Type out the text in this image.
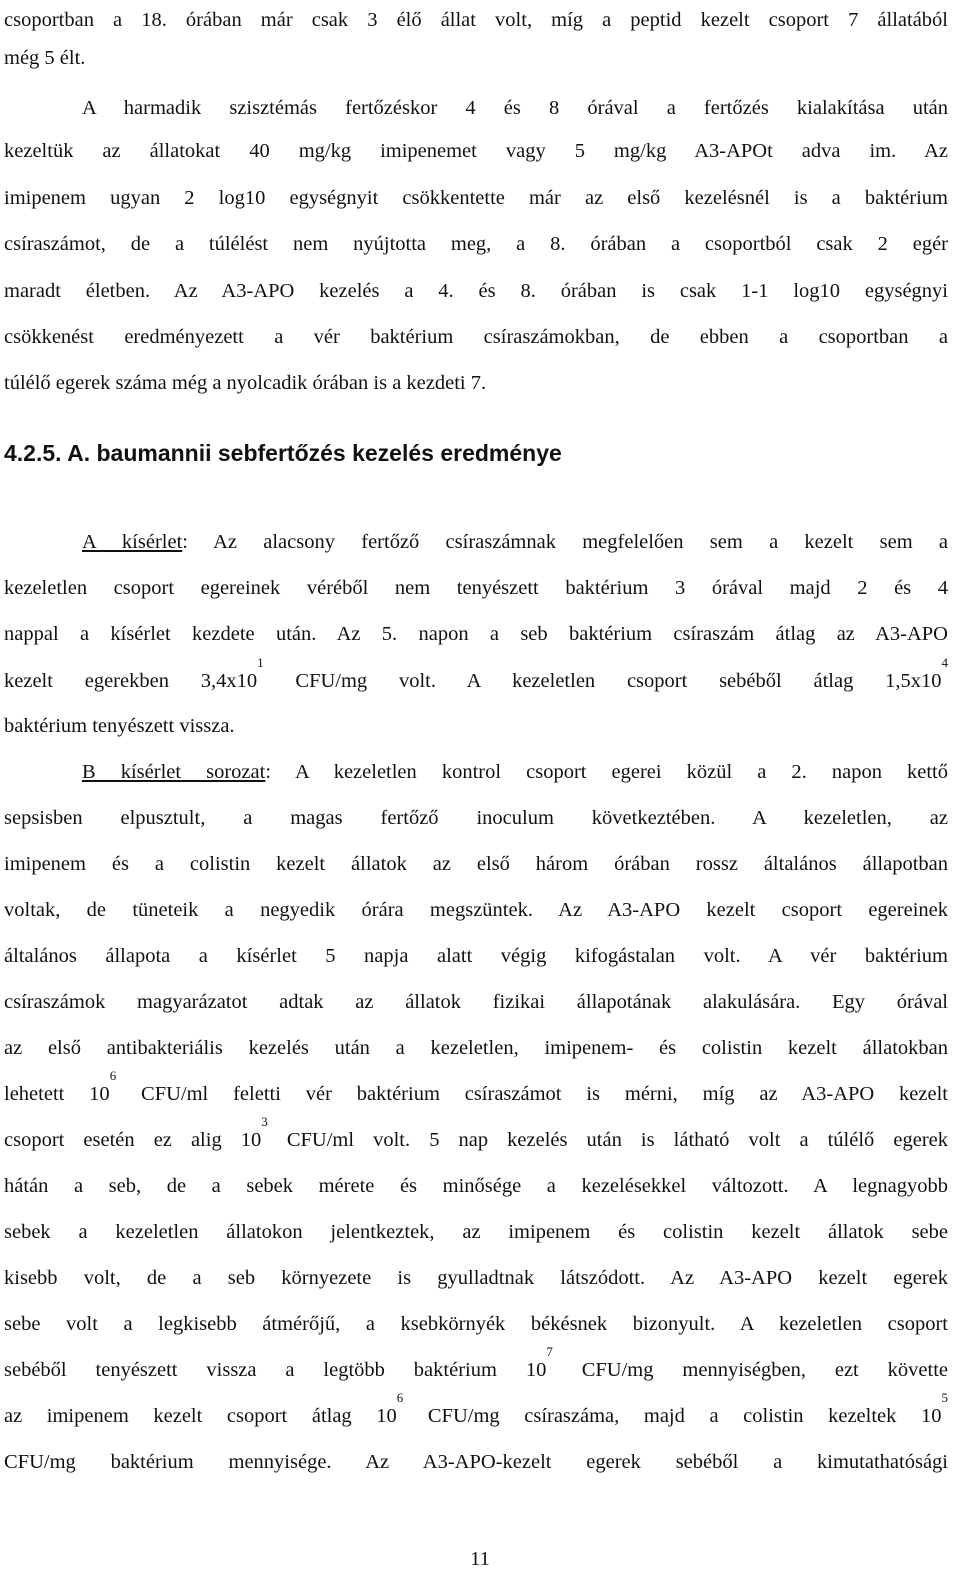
csoportban a 18. órában már csak 3 élő állat volt, míg a peptid kezelt csoport 7 állatából
még 5 élt.
A harmadik szisztémás fertőzéskor 4 és 8 órával a fertőzés kialakítása után
kezeltük az állatokat 40 mg/kg imipenemet vagy 5 mg/kg A3-APOt adva im. Az
imipenem ugyan 2 log10 egységnyit csökkentette már az első kezelésnél is a baktérium
csíraszámot, de a túlélést nem nyújtotta meg, a 8. órában a csoportból csak 2 egér
maradt életben. Az A3-APO kezelés a 4. és 8. órában is csak 1-1 log10 egységnyi
csökkenést eredményezett a vér baktérium csíraszámokban, de ebben a csoportban a
túlélő egerek száma még a nyolcadik órában is a kezdeti 7.
4.2.5. A. baumannii sebfertőzés kezelés eredménye
A kísérlet: Az alacsony fertőző csíraszámnak megfelelően sem a kezelt sem a
kezeletlen csoport egereinek véréből nem tenyészett baktérium 3 órával majd 2 és 4
nappal a kísérlet kezdete után. Az 5. napon a seb baktérium csíraszám átlag az A3-APO
kezelt egerekben $3,4x10^1$ CFU/mg volt. A kezeletlen csoport sebéből átlag $1,5x10^4$
baktérium tenyészett vissza.
B kísérlet sorozat: A kezeletlen kontrol csoport egerei közül a 2. napon kettő
sepsisben elpusztult, a magas fertőző inoculum következtében. A kezeletlen, az
imipenem és a colistin kezelt állatok az első három órában rossz általános állapotban
voltak, de tüneteik a negyedik órára megszüntek. Az A3-APO kezelt csoport egereinek
általános állapota a kísérlet 5 napja alatt végig kifogástalan volt. A vér baktérium
csíraszámok magyarázatot adtak az állatok fizikai állapotának alakulására. Egy órával
az első antibakteriális kezelés után a kezeletlen, imipenem- és colistin kezelt állatokban
lehetett $10^6$ CFU/ml feletti vér baktérium csíraszámot is mérni, míg az A3-APO kezelt
csoport esetén ez alig $10^3$ CFU/ml volt. 5 nap kezelés után is látható volt a túlélő egerek
hátán a seb, de a sebek mérete és minősége a kezelésekkel változott. A legnagyobb
sebek a kezeletlen állatokon jelentkeztek, az imipenem és colistin kezelt állatok sebe
kisebb volt, de a seb környezete is gyulladtnak látszódott. Az A3-APO kezelt egerek
sebe volt a legkisebb átmérőjű, a ksebkörnyék békésnek bizonyult. A kezeletlen csoport
sebéből tenyészett vissza a legtöbb baktérium $10^7$ CFU/mg mennyiségben, ezt követte
az imipenem kezelt csoport átlag $10^6$ CFU/mg csíraszáma, majd a colistin kezeltek $10^5$
CFU/mg baktérium mennyisége. Az A3-APO-kezelt egerek sebéből a kimutathatósági
11
